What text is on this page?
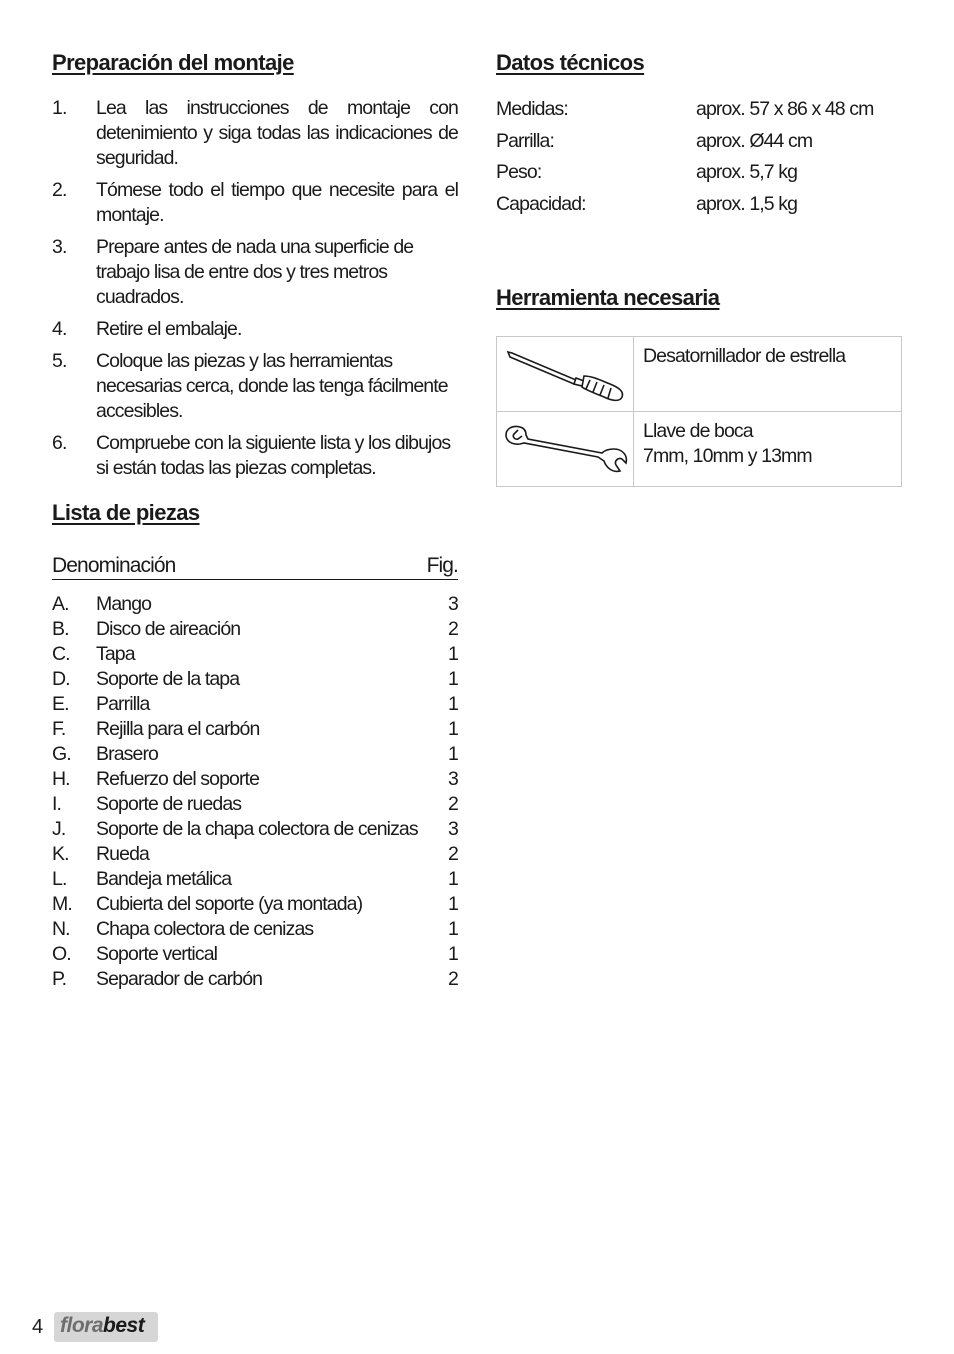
Preparación del montaje
1.	Lea las instrucciones de montaje con detenimiento y siga todas las indicaciones de seguridad.
2.	Tómese todo el tiempo que necesite para el montaje.
3.	Prepare antes de nada una superficie de trabajo lisa de entre dos y tres metros cuadrados.
4.	Retire el embalaje.
5.	Coloque las piezas y las herramientas necesarias cerca, donde las tenga fácilmente accesibles.
6.	Compruebe con la siguiente lista y los dibujos si están todas las piezas completas.
Datos técnicos
Medidas:	aprox. 57 x 86 x 48 cm
Parrilla:	aprox. Ø44 cm
Peso:	aprox. 5,7 kg
Capacidad:	aprox. 1,5 kg
Herramienta necesaria
Desatornillador de estrella
Llave de boca
7mm, 10mm y 13mm
Lista de piezas
Denominación	Fig.
A.	Mango	3
B.	Disco de aireación	2
C.	Tapa	1
D.	Soporte de la tapa	1
E.	Parrilla	1
F.	Rejilla para el carbón	1
G.	Brasero	1
H.	Refuerzo del soporte	3
I.	Soporte de ruedas	2
J.	Soporte de la chapa colectora de cenizas	3
K.	Rueda	2
L.	Bandeja metálica	1
M.	Cubierta del soporte (ya montada)	1
N.	Chapa colectora de cenizas	1
O.	Soporte vertical	1
P.	Separador de carbón	2
4 florabest
